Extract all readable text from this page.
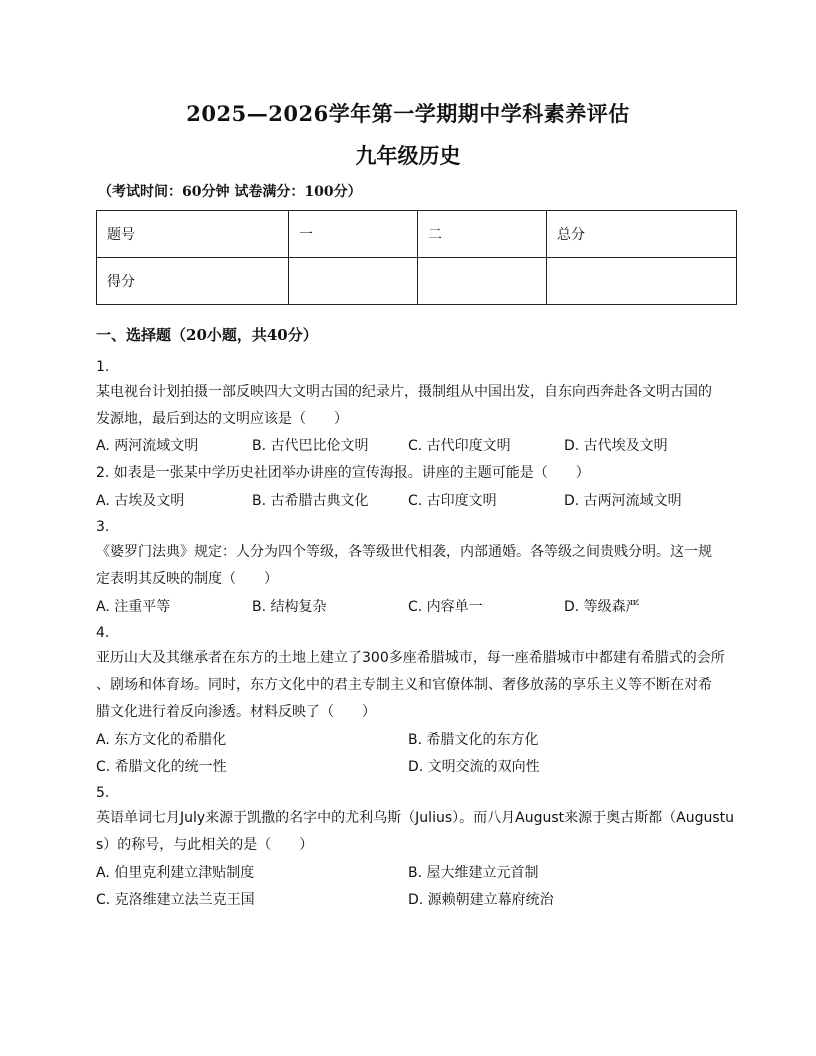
2025—2026学年第一学期期中学科素养评估
九年级历史
（考试时间：60分钟 试卷满分：100分）
题号	一	二	总分
得分			
一、选择题（20小题，共40分）
1.
某电视台计划拍摄一部反映四大文明古国的纪录片，摄制组从中国出发，自东向西奔赴各文明古国的
发源地，最后到达的文明应该是（　　）
A. 两河流域文明	B. 古代巴比伦文明	C. 古代印度文明	D. 古代埃及文明
2. 如表是一张某中学历史社团举办讲座的宣传海报。讲座的主题可能是（　　）
A. 古埃及文明	B. 古希腊古典文化	C. 古印度文明	D. 古两河流域文明
3.
《婆罗门法典》规定：人分为四个等级，各等级世代相袭，内部通婚。各等级之间贵贱分明。这一规
定表明其反映的制度（　　）
A. 注重平等	B. 结构复杂	C. 内容单一	D. 等级森严
4.
亚历山大及其继承者在东方的土地上建立了300多座希腊城市，每一座希腊城市中都建有希腊式的会所
、剧场和体育场。同时，东方文化中的君主专制主义和官僚体制、奢侈放荡的享乐主义等不断在对希
腊文化进行着反向渗透。材料反映了（　　）
A. 东方文化的希腊化	B. 希腊文化的东方化
C. 希腊文化的统一性	D. 文明交流的双向性
5.
英语单词七月July来源于凯撒的名字中的尤利乌斯（Julius）。而八月August来源于奥古斯都（Augustu
s）的称号，与此相关的是（　　）
A. 伯里克利建立津贴制度	B. 屋大维建立元首制
C. 克洛维建立法兰克王国	D. 源赖朝建立幕府统治
